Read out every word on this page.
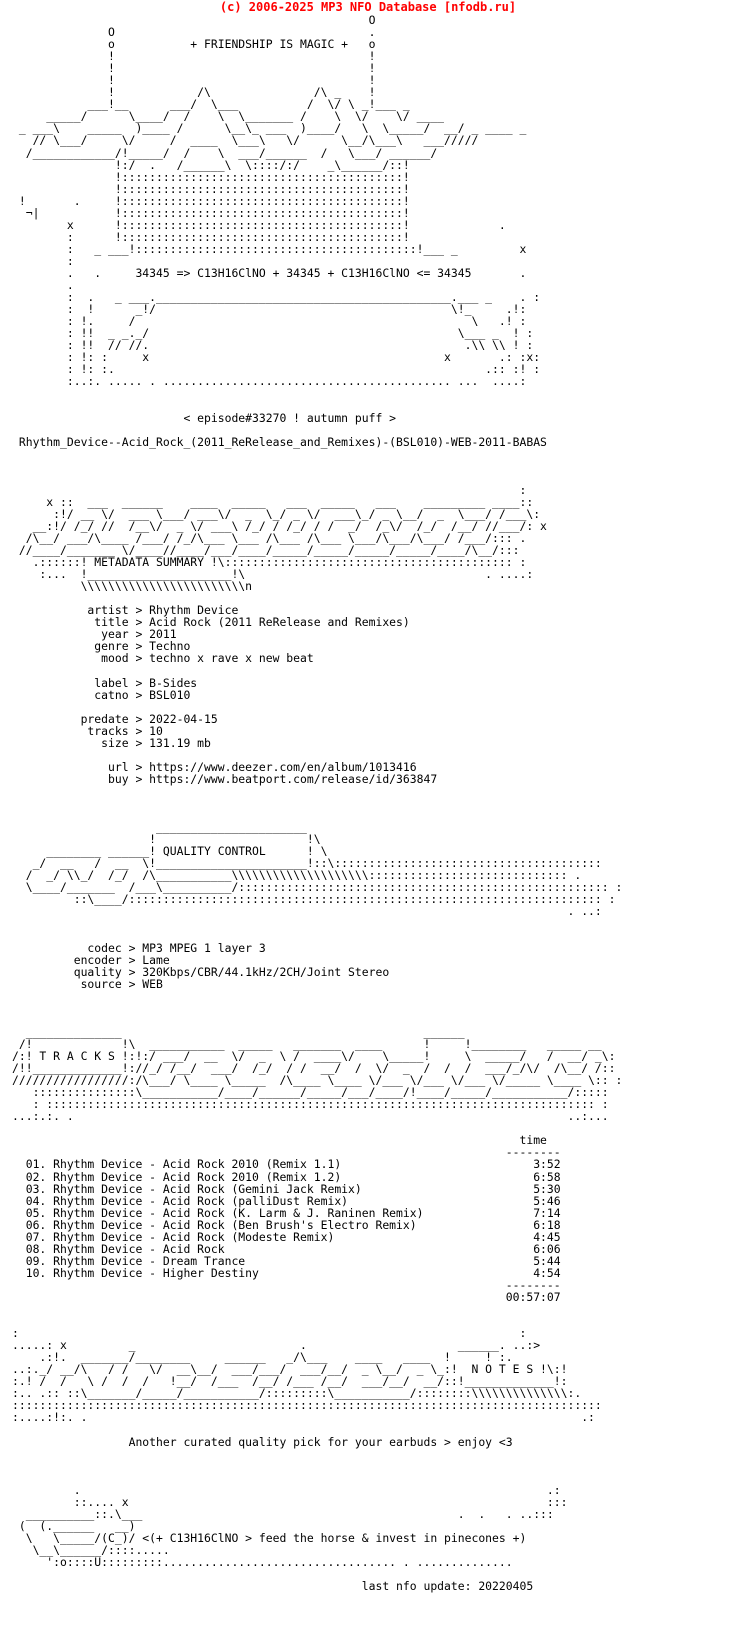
(c) 2006-2025 MP3 NFO Database [nfodb.ru]
O
O                                     .
o           + FRIENDSHIP IS MAGIC +   o
!                                     !
!                                     !
!                                     !
!            /\               /\ _    !
___!__      ___/  \___          /  \/ \ _!___ _
_____/      \____/  /    \  \_______ /    \  \/    \/ ____
_ ___\    _____  )____ /      \__\_ ___  )____/   \  \_____/  __/ _ ____ _
// \___/     \/     /  ____  \___\   \/      \__/\___\   ___/////
/____________/!_____/  /    \  ___/______  /   \___/ ______/
!:/  .   /______\  \::::/:/    _\______/::!
!:::::::::::::::::::::::::::::::::::::::::!
!:::::::::::::::::::::::::::::::::::::::::!
!       .     !:::::::::::::::::::::::::::::::::::::::::!
¬|           !:::::::::::::::::::::::::::::::::::::::::!
x      !:::::::::::::::::::::::::::::::::::::::::!             .
:      !:::::::::::::::::::::::::::::::::::::::::!
:   _ ___!:::::::::::::::::::::::::::::::::::::::::!___ _         x
:
.   .     34345 => C13H16ClNO + 34345 + C13H16ClNO <= 34345       .
.
:  .   _ ___.___________________________________________.___ _    . :
:  !      _!/                                           \!_     .!:
: !.     /                                                 \   .! :
: !!  _ _._/                                             \___ _  ! :
: !!  // //.                                              .\\ \\ ! :
: !: :     x                                           x       .: :x:
: !: :.                                                      .:: :! :
:..:. ..... . .......................................... ...  ....:

< episode#33270 ! autumn puff >

Rhythm_Device--Acid_Rock_(2011_ReRelease_and_Remixes)-(BSL010)-WEB-2011-BABAS

:
x ::  ___  ______    ____  _____   ___  _____   ___    _________ ____::
:!/ __ \/  ___ \___/ ___\/  _  \_/ _ \/  ___\_/ _ \__/  _  \___/ /___\:
__:!/ /_/ //  /__\/  _ \/ ___\ /_/ / /_/ / /  _/  /_\/  /_/  /__/ //___/: x
/\__/ ___/\____ /___/ /_/\___ \___ /\___ /\___ \___/\___/\___/ /___/::: .
//____/_______ \/____//____/___/____/_____/_____/_____/_____/____/\__/:::
.::::::! METADATA SUMMARY !\:::::::::::::::::::::::::::::::::::::::::: :
:...  !_____________________!\                                   . ....:
\\\\\\\\\\\\\\\\\\\\\\\\n

artist > Rhythm Device
title > Acid Rock (2011 ReRelease and Remixes)
year > 2011
genre > Techno
mood > techno x rave x new beat

label > B-Sides
catno > BSL010

predate > 2022-04-15
tracks > 10
size > 131.19 mb

url > https://www.deezer.com/en/album/1013416
buy > https://www.beatport.com/release/id/363847

______________________
!                      !\
________ ______! QUALITY CONTROL      ! \
_/  __   /  __  \!______________________!::\:::::::::::::::::::::::::::::::::::::::
/  _/ \\_/  /_/  /\___________\\\\\\\\\\\\\\\\\\\\::::::::::::::::::::::::::::: .
\____/_______  /___\__________/:::::::::::::::::::::::::::::::::::::::::::::::::::::: :
::\____/::::::::::::::::::::::::::::::::::::::::::::::::::::::::::::::::::::: :
. ..:

codec > MP3 MPEG 1 layer 3
encoder > Lame
quality > 320Kbps/CBR/44.1kHz/2CH/Joint Stereo
source > WEB

______________                                            ______
/!             !\  ___________  _____   _______  ____      !     !________   _____ __
/:! T R A C K S !:!:/ ___/  __  \/  _  \ /  ____\/    \_____!     \  _____/   /  __/ _\:
/!!_____________!://_/ /__/  ___/  /_/  / /  __/  /  \/  _  /  /  /  ___/_/\/  /\__/ /::
/////////////////:/\___/ \____ \_____  /\____ \____ \/___ \/___ \/___ \/_____ \____ \:: :
:::::::::::::::\___________/____/______/_____/___/____/!____/_____/___________/:::::
: :::::::::::::::::::::::::::::::::::::::::::::::::::::::::::::::::::::::::::::::: :
...:.:. .                                                                        ..:...

time
--------
01. Rhythm Device - Acid Rock 2010 (Remix 1.1)                            3:52
02. Rhythm Device - Acid Rock 2010 (Remix 1.2)                            6:58
03. Rhythm Device - Acid Rock (Gemini Jack Remix)                         5:30
04. Rhythm Device - Acid Rock (palliDust Remix)                           5:46
05. Rhythm Device - Acid Rock (K. Larm & J. Raninen Remix)                7:14
06. Rhythm Device - Acid Rock (Ben Brush's Electro Remix)                 6:18
07. Rhythm Device - Acid Rock (Modeste Remix)                             4:45
08. Rhythm Device - Acid Rock                                             6:06
09. Rhythm Device - Dream Trance                                          5:44
10. Rhythm Device - Higher Destiny                                        4:54
--------
00:57:07

:                                                                         :
.....: x         _                        .                      ______. ..:>
.:!.  _______/________     ______   _/\___    ____   ____  !     ! :.
..:._/ __/\   / /   \/  __\__/  ___/___/  ___/__/  _ \__/  _ \_:!  N O T E S !\:!
:.! /  /   \ /  /  /   !__/  /___  /__/ /___ /__/  ___/__/  __/::!_____________!:
:.. .:: ::\_______/_____/___________/:::::::::\___________/::::::::\\\\\\\\\\\\\\:.
::::::::::::::::::::::::::::::::::::::::::::::::::::::::::::::::::::::::::::::::::::::
:....:!:. .                                                                        .:

Another curated quality pick for your earbuds > enjoy <3

.                                                                    .:
::.... x                                                             :::
__________::.\___                                              .  .   . ..:::
(  (.______   __)
\   \_____/(C_)/ <(+ C13H16ClNO > feed the horse & invest in pinecones +)
\__\______/::::.....
':o::::U:::::::::.................................. . ..............

last nfo update: 20220405
